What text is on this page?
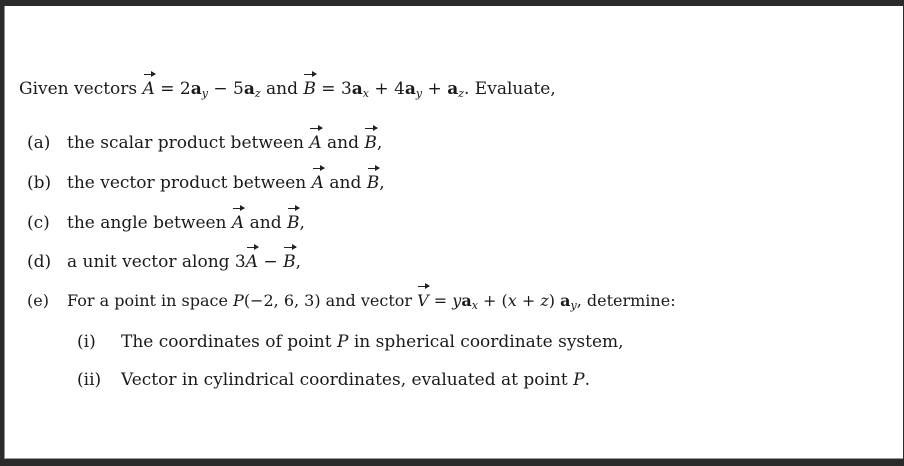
Given vectors $A = 2a_y - 5a_z$ and $B = 3a_x + 4a_y + a_z$. Evaluate,
(a) the scalar product between A and B,
(b) the vector product between A and B,
(c) the angle between A and B,
(d) a unit vector along 3A − B,
(e) For a point in space P(−2, 6, 3) and vector $V = ya_x + (x + z)$ $a_y$, determine:
(i) The coordinates of point P in spherical coordinate system,
(ii) Vector in cylindrical coordinates, evaluated at point P.
